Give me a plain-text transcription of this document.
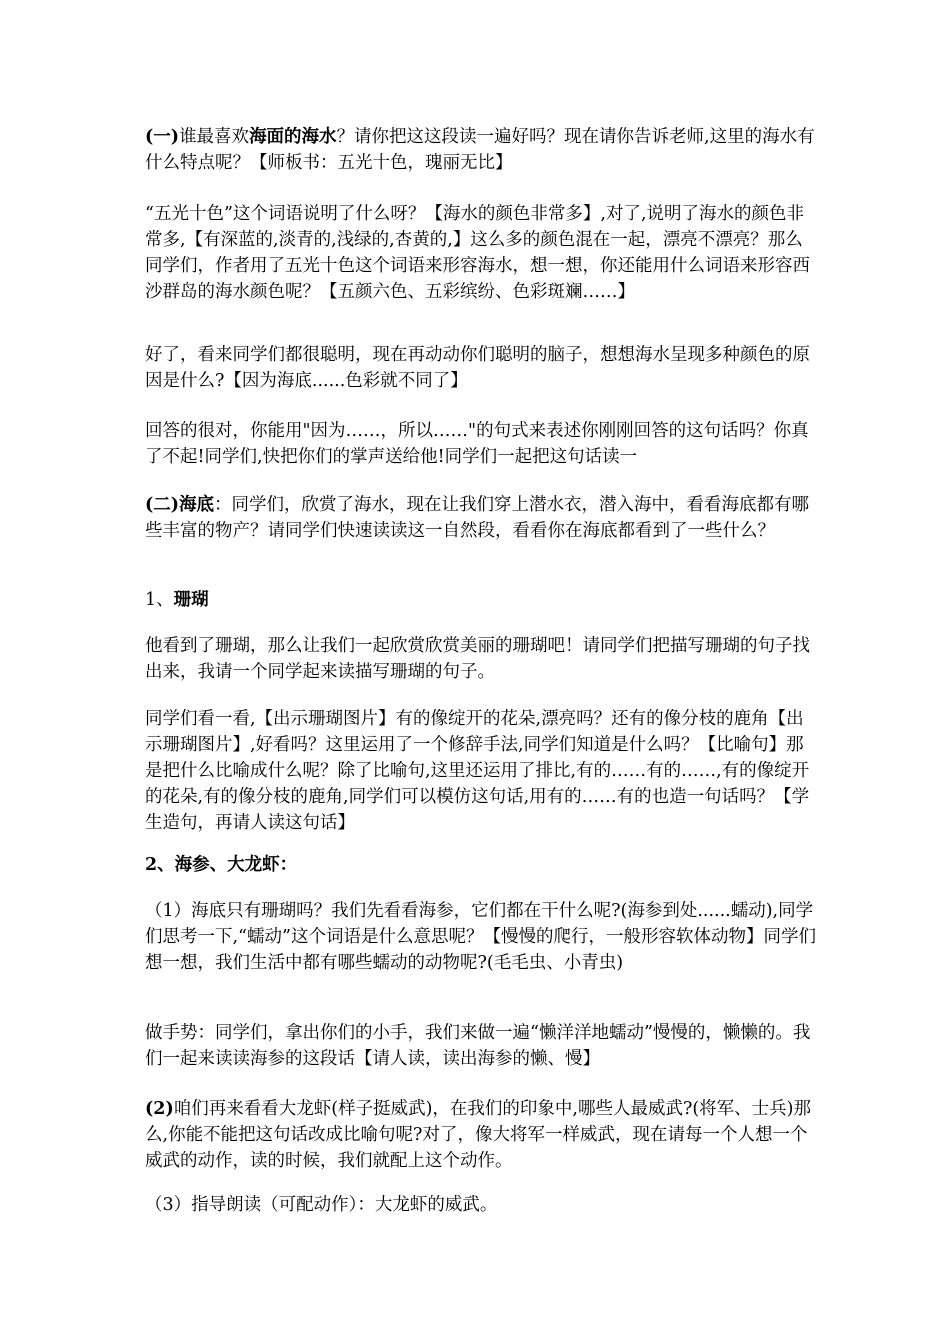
(一)谁最喜欢海面的海水？请你把这这段读一遍好吗？现在请你告诉老师,这里的海水有什么特点呢？【师板书：五光十色，瑰丽无比】

“五光十色”这个词语说明了什么呀？【海水的颜色非常多】,对了,说明了海水的颜色非常多,【有深蓝的,淡青的,浅绿的,杏黄的,】这么多的颜色混在一起，漂亮不漂亮？那么同学们，作者用了五光十色这个词语来形容海水，想一想，你还能用什么词语来形容西沙群岛的海水颜色呢？【五颜六色、五彩缤纷、色彩斑斓……】

好了，看来同学们都很聪明，现在再动动你们聪明的脑子，想想海水呈现多种颜色的原因是什么?【因为海底......色彩就不同了】

回答的很对，你能用"因为……，所以……"的句式来表述你刚刚回答的这句话吗？你真了不起!同学们,快把你们的掌声送给他!同学们一起把这句话读一

(二)海底：同学们，欣赏了海水，现在让我们穿上潜水衣，潜入海中，看看海底都有哪些丰富的物产？请同学们快速读读这一自然段，看看你在海底都看到了一些什么？

1、珊瑚

他看到了珊瑚，那么让我们一起欣赏欣赏美丽的珊瑚吧！请同学们把描写珊瑚的句子找出来，我请一个同学起来读描写珊瑚的句子。

同学们看一看,【出示珊瑚图片】有的像绽开的花朵,漂亮吗？还有的像分枝的鹿角【出示珊瑚图片】,好看吗？这里运用了一个修辞手法,同学们知道是什么吗？【比喻句】那是把什么比喻成什么呢？除了比喻句,这里还运用了排比,有的……有的……,有的像绽开的花朵,有的像分枝的鹿角,同学们可以模仿这句话,用有的……有的也造一句话吗？【学生造句，再请人读这句话】

2、海参、大龙虾：

（1）海底只有珊瑚吗？我们先看看海参，它们都在干什么呢?(海参到处......蠕动),同学们思考一下,“蠕动”这个词语是什么意思呢？【慢慢的爬行，一般形容软体动物】同学们想一想，我们生活中都有哪些蠕动的动物呢?(毛毛虫、小青虫)

做手势：同学们，拿出你们的小手，我们来做一遍“懒洋洋地蠕动”慢慢的，懒懒的。我们一起来读读海参的这段话【请人读，读出海参的懒、慢】

(2)咱们再来看看大龙虾(样子挺威武)，在我们的印象中,哪些人最威武?(将军、士兵)那么,你能不能把这句话改成比喻句呢?对了，像大将军一样威武，现在请每一个人想一个威武的动作，读的时候，我们就配上这个动作。

（3）指导朗读（可配动作）：大龙虾的威武。
